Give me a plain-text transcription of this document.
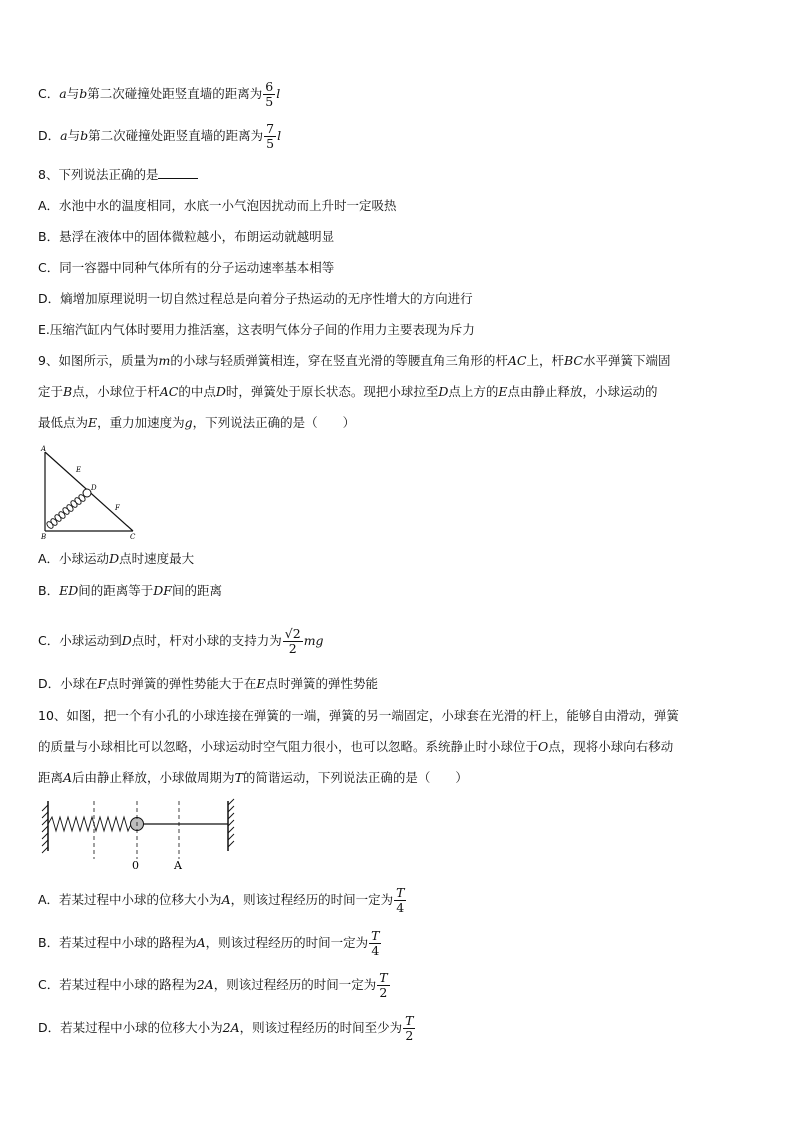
C．a与b第二次碰撞处距竖直墙的距离为 $\frac{6}{5}$ l
D．a与b第二次碰撞处距竖直墙的距离为 $\frac{7}{5}$ l
8、下列说法正确的是
A．水池中水的温度相同，水底一小气泡因扰动而上升时一定吸热
B．悬浮在液体中的固体微粒越小，布朗运动就越明显
C．同一容器中同种气体所有的分子运动速率基本相等
D．熵增加原理说明一切自然过程总是向着分子热运动的无序性增大的方向进行
E.压缩汽缸内气体时要用力推活塞，这表明气体分子间的作用力主要表现为斥力
9、如图所示，质量为m的小球与轻质弹簧相连，穿在竖直光滑的等腰直角三角形的杆AC上，杆BC水平弹簧下端固
定于B点，小球位于杆AC的中点D时，弹簧处于原长状态。现把小球拉至D点上方的E点由静止释放，小球运动的
最低点为E，重力加速度为g，下列说法正确的是（　　）
A
E
D
F
B	C
A．小球运动D点时速度最大
B．ED间的距离等于DF间的距离
C．小球运动到D点时，杆对小球的支持力为 $\frac{√2}{2}$ mg
D．小球在F点时弹簧的弹性势能大于在E点时弹簧的弹性势能
10、如图，把一个有小孔的小球连接在弹簧的一端，弹簧的另一端固定，小球套在光滑的杆上，能够自由滑动，弹簧
的质量与小球相比可以忽略，小球运动时空气阻力很小，也可以忽略。系统静止时小球位于O点，现将小球向右移动
距离A后由静止释放，小球做周期为T的简谐运动，下列说法正确的是（　　）
0	A
A．若某过程中小球的位移大小为A，则该过程经历的时间一定为 $\frac{T}{4}$
B．若某过程中小球的路程为A，则该过程经历的时间一定为 $\frac{T}{4}$
C．若某过程中小球的路程为2A，则该过程经历的时间一定为 $\frac{T}{2}$
D．若某过程中小球的位移大小为2A，则该过程经历的时间至少为 $\frac{T}{2}$
